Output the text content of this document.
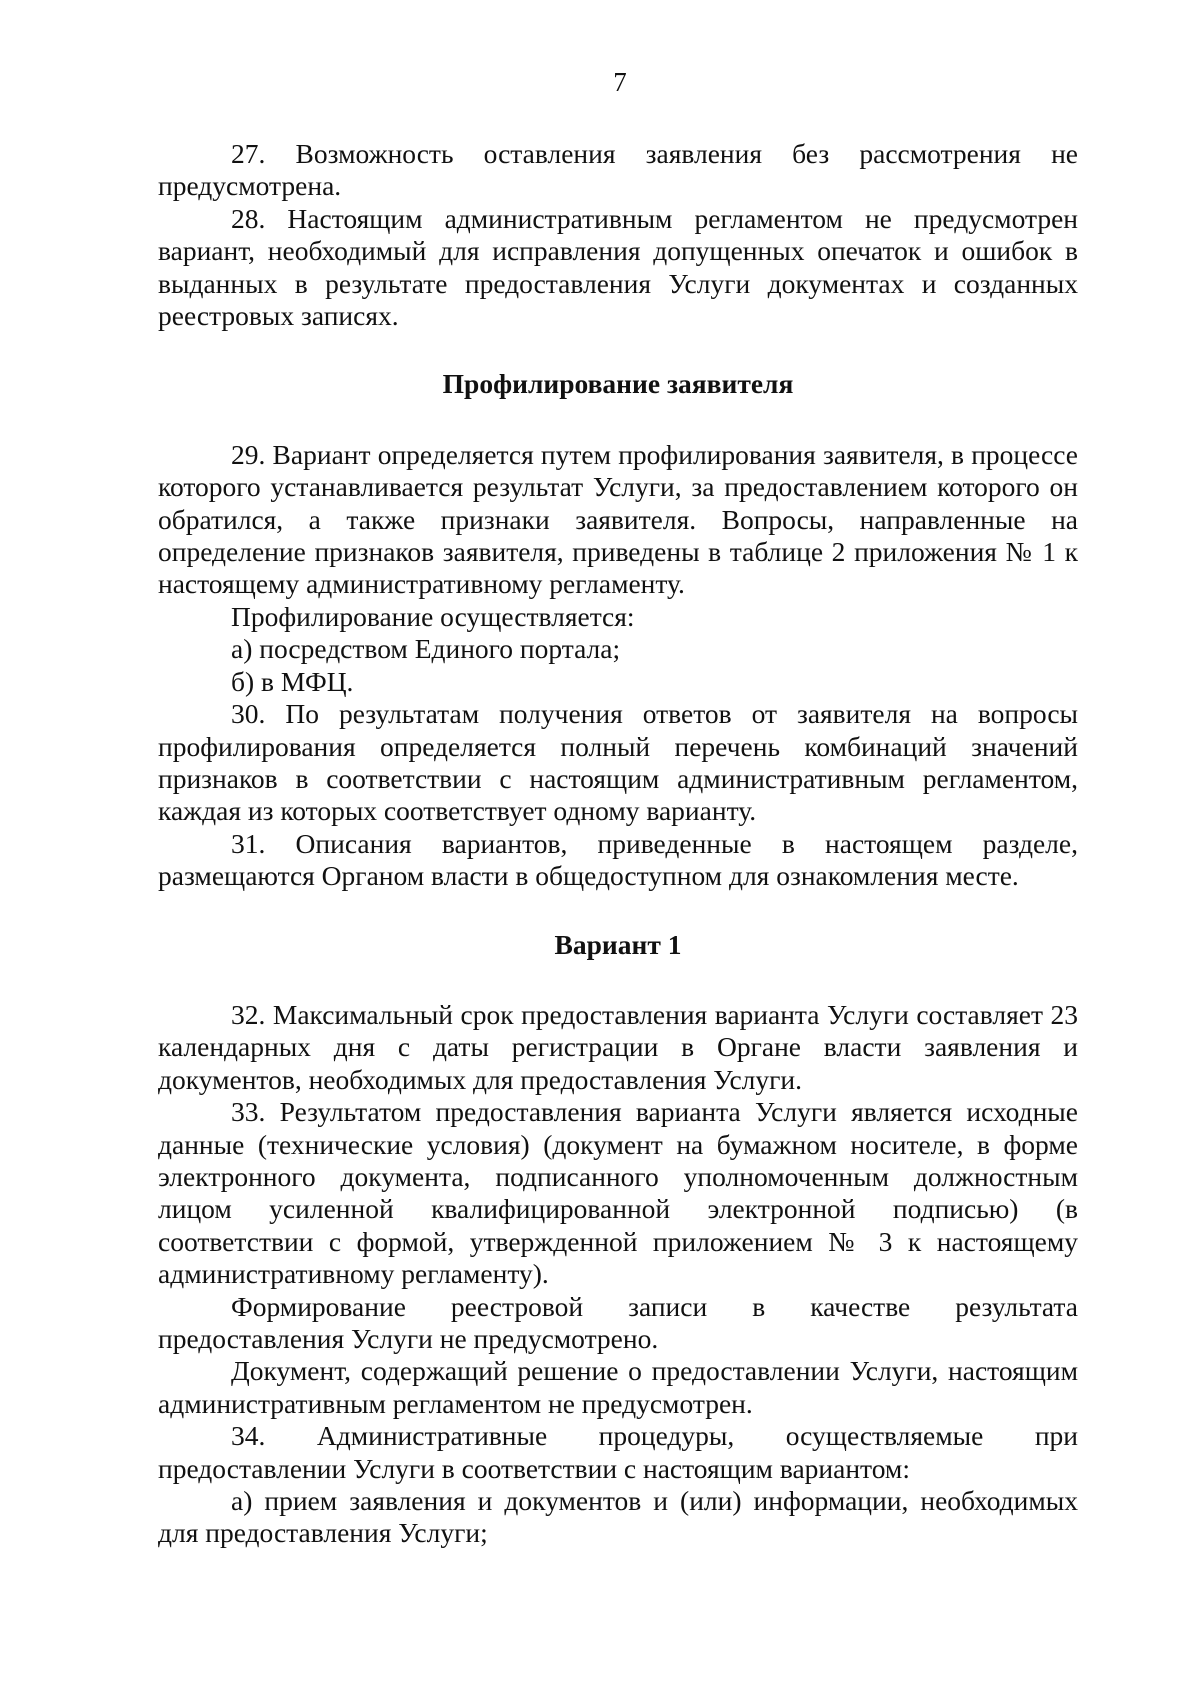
7

27. Возможность оставления заявления без рассмотрения не предусмотрена.

28. Настоящим административным регламентом не предусмотрен вариант, необходимый для исправления допущенных опечаток и ошибок в выданных в результате предоставления Услуги документах и созданных реестровых записях.

Профилирование заявителя

29. Вариант определяется путем профилирования заявителя, в процессе которого устанавливается результат Услуги, за предоставлением которого он обратился, а также признаки заявителя. Вопросы, направленные на определение признаков заявителя, приведены в таблице 2 приложения № 1 к настоящему административному регламенту.

Профилирование осуществляется:

а) посредством Единого портала;

б) в МФЦ.

30. По результатам получения ответов от заявителя на вопросы профилирования определяется полный перечень комбинаций значений признаков в соответствии с настоящим административным регламентом, каждая из которых соответствует одному варианту.

31. Описания вариантов, приведенные в настоящем разделе, размещаются Органом власти в общедоступном для ознакомления месте.

Вариант 1

32. Максимальный срок предоставления варианта Услуги составляет 23 календарных дня с даты регистрации в Органе власти заявления и документов, необходимых для предоставления Услуги.

33. Результатом предоставления варианта Услуги является исходные данные (технические условия) (документ на бумажном носителе, в форме электронного документа, подписанного уполномоченным должностным лицом усиленной квалифицированной электронной подписью) (в соответствии с формой, утвержденной приложением № 3 к настоящему административному регламенту).

Формирование реестровой записи в качестве результата предоставления Услуги не предусмотрено.

Документ, содержащий решение о предоставлении Услуги, настоящим административным регламентом не предусмотрен.

34. Административные процедуры, осуществляемые при предоставлении Услуги в соответствии с настоящим вариантом:

а) прием заявления и документов и (или) информации, необходимых для предоставления Услуги;
